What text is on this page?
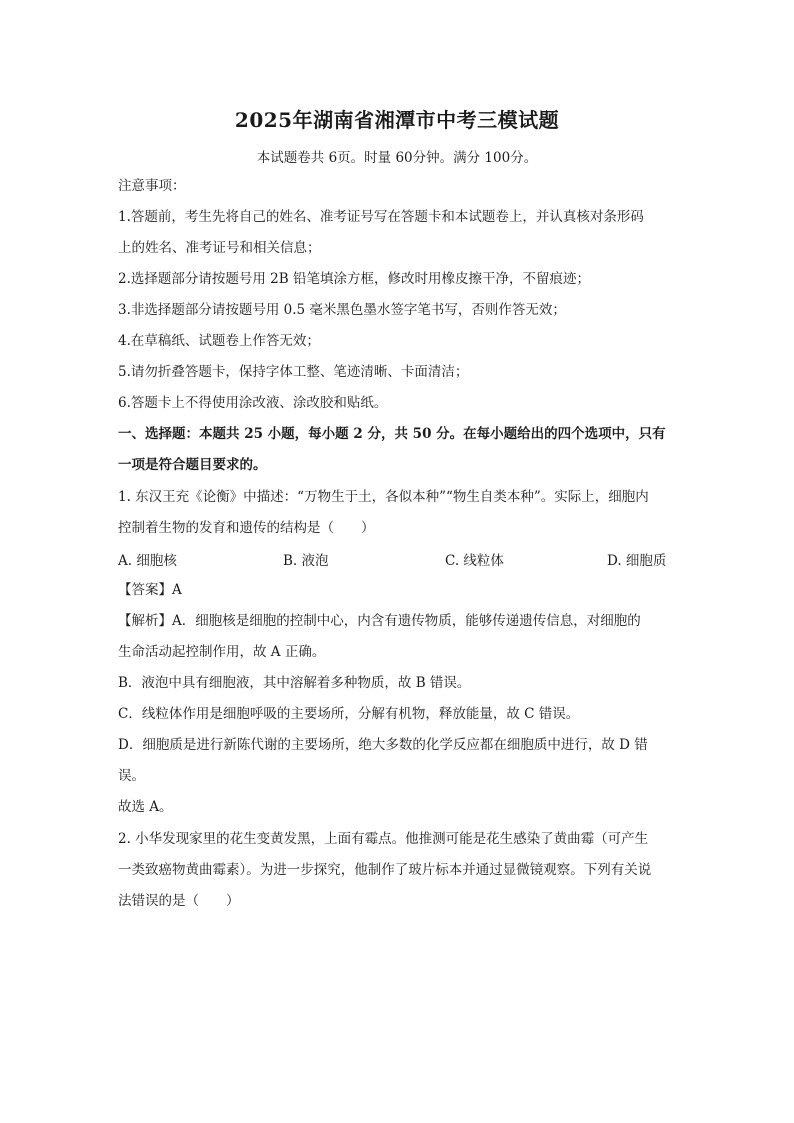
2025年湖南省湘潭市中考三模试题
本试题卷共 6页。时量 60分钟。满分 100分。
注意事项：
1.答题前，考生先将自己的姓名、准考证号写在答题卡和本试题卷上，并认真核对条形码
上的姓名、准考证号和相关信息；
2.选择题部分请按题号用 2B 铅笔填涂方框，修改时用橡皮擦干净，不留痕迹；
3.非选择题部分请按题号用 0.5 毫米黑色墨水签字笔书写，否则作答无效；
4.在草稿纸、试题卷上作答无效；
5.请勿折叠答题卡，保持字体工整、笔迹清晰、卡面清洁；
6.答题卡上不得使用涂改液、涂改胶和贴纸。
一、选择题：本题共 25 小题，每小题 2 分，共 50 分。在每小题给出的四个选项中，只有
一项是符合题目要求的。
1. 东汉王充《论衡》中描述：“万物生于土，各似本种”“物生自类本种”。实际上，细胞内
控制着生物的发育和遗传的结构是（　　）
A. 细胞核	B. 液泡	C. 线粒体	D. 细胞质
【答案】A
【解析】A．细胞核是细胞的控制中心，内含有遗传物质，能够传递遗传信息，对细胞的
生命活动起控制作用，故 A 正确。
B．液泡中具有细胞液，其中溶解着多种物质，故 B 错误。
C．线粒体作用是细胞呼吸的主要场所，分解有机物，释放能量，故 C 错误。
D．细胞质是进行新陈代谢的主要场所，绝大多数的化学反应都在细胞质中进行，故 D 错
误。
故选 A。
2. 小华发现家里的花生变黄发黑，上面有霉点。他推测可能是花生感染了黄曲霉（可产生
一类致癌物黄曲霉素）。为进一步探究，他制作了玻片标本并通过显微镜观察。下列有关说
法错误的是（　　）
